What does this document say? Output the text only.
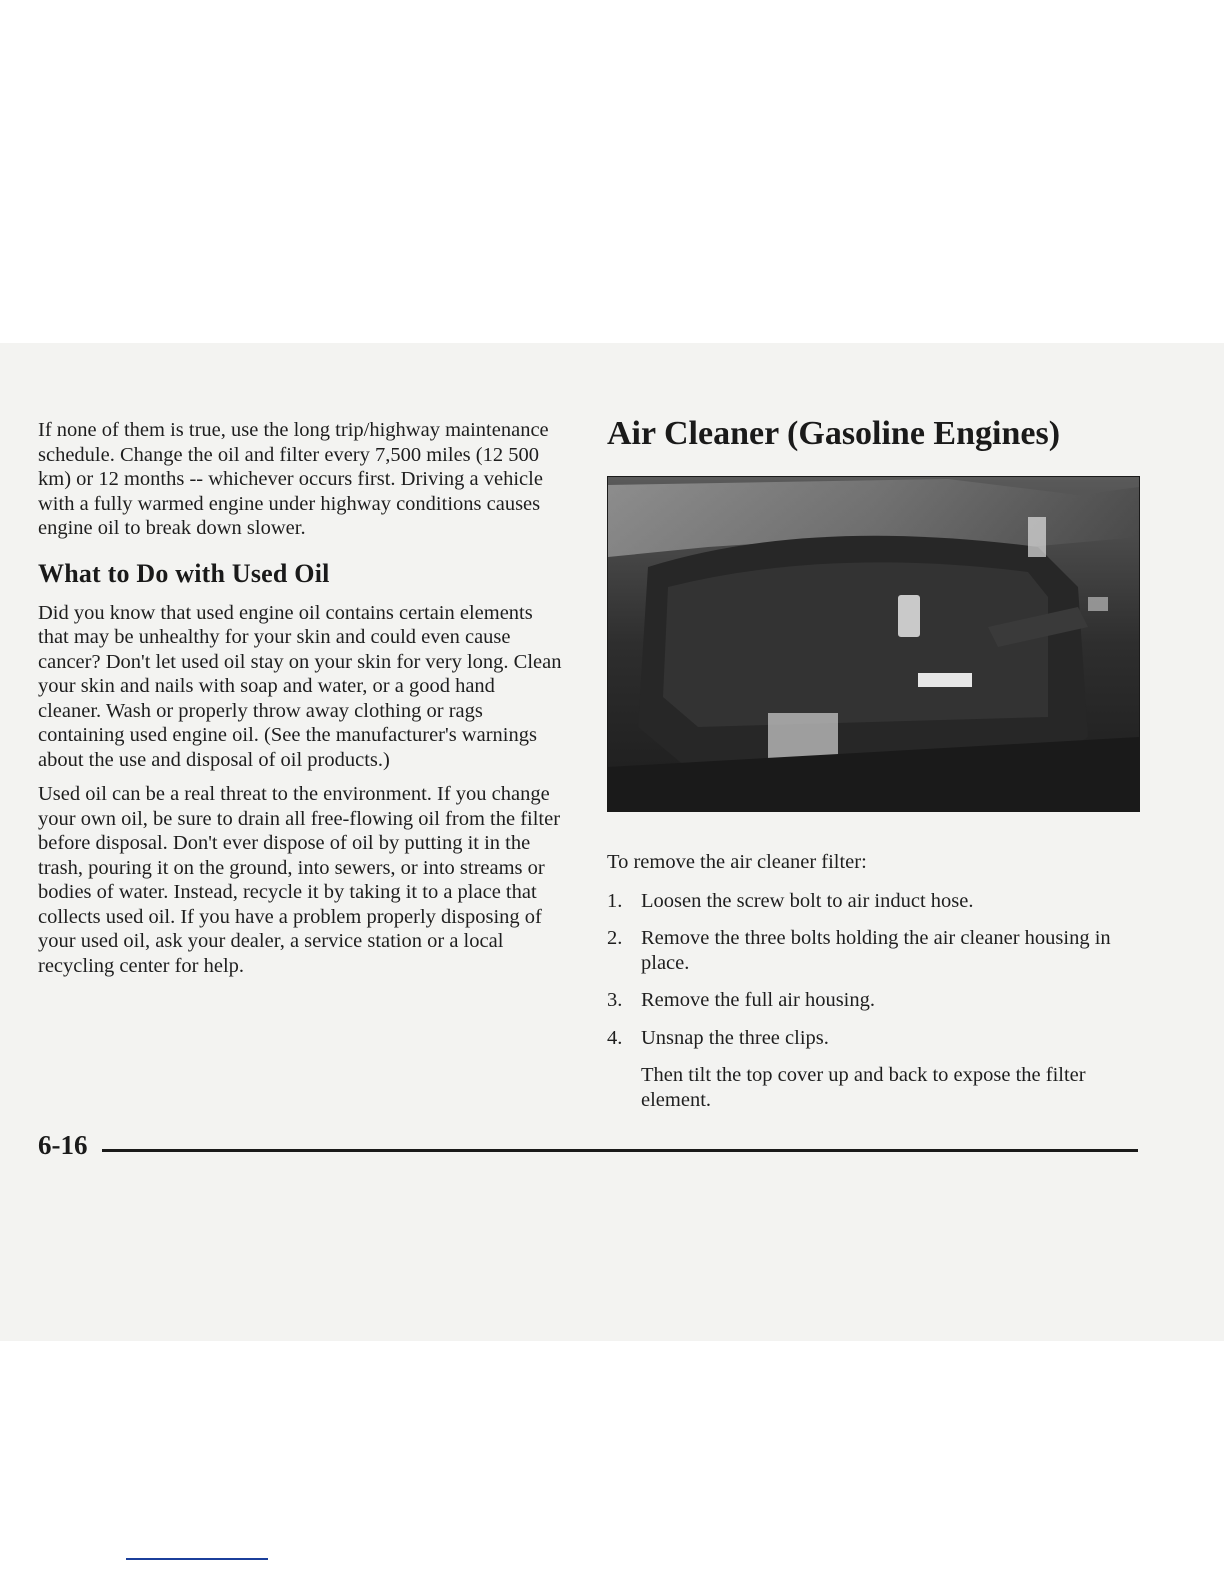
If none of them is true, use the long trip/highway maintenance schedule. Change the oil and filter every 7,500 miles (12 500 km) or 12 months -- whichever occurs first. Driving a vehicle with a fully warmed engine under highway conditions causes engine oil to break down slower.

What to Do with Used Oil

Did you know that used engine oil contains certain elements that may be unhealthy for your skin and could even cause cancer? Don't let used oil stay on your skin for very long. Clean your skin and nails with soap and water, or a good hand cleaner. Wash or properly throw away clothing or rags containing used engine oil. (See the manufacturer's warnings about the use and disposal of oil products.)

Used oil can be a real threat to the environment. If you change your own oil, be sure to drain all free-flowing oil from the filter before disposal. Don't ever dispose of oil by putting it in the trash, pouring it on the ground, into sewers, or into streams or bodies of water. Instead, recycle it by taking it to a place that collects used oil. If you have a problem properly disposing of your used oil, ask your dealer, a service station or a local recycling center for help.

Air Cleaner (Gasoline Engines)

To remove the air cleaner filter:

1. Loosen the screw bolt to air induct hose.
2. Remove the three bolts holding the air cleaner housing in place.
3. Remove the full air housing.
4. Unsnap the three clips.

Then tilt the top cover up and back to expose the filter element.

6-16
